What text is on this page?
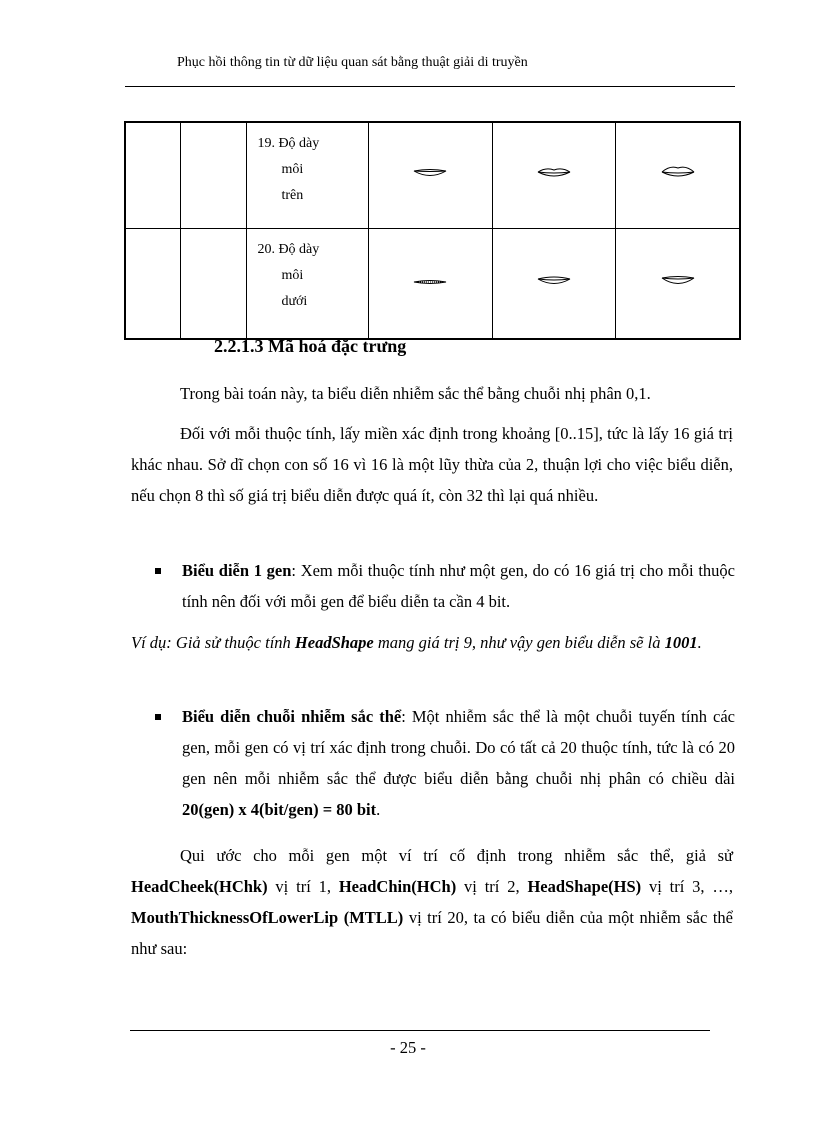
Phục hồi thông tin từ dữ liệu quan sát bằng thuật giải di truyền

		19. Độ dày
môi
trên

		20. Độ dày
môi
dưới

2.2.1.3 Mã hoá đặc trưng
Trong bài toán này, ta biểu diễn nhiễm sắc thể bằng chuỗi nhị phân 0,1.
Đối với mỗi thuộc tính, lấy miền xác định trong khoảng [0..15], tức là lấy 16 giá trị khác nhau. Sở dĩ chọn con số 16 vì 16 là một lũy thừa của 2, thuận lợi cho việc biểu diễn, nếu chọn 8 thì số giá trị biểu diễn được quá ít, còn 32 thì lại quá nhiều.
Biểu diễn 1 gen: Xem mỗi thuộc tính như một gen, do có 16 giá trị cho mỗi thuộc tính nên đối với mỗi gen để biểu diễn ta cần 4 bit.
Ví dụ: Giả sử thuộc tính HeadShape mang giá trị 9, như vậy gen biểu diễn sẽ là 1001.
Biểu diễn chuỗi nhiễm sắc thể: Một nhiễm sắc thể là một chuỗi tuyến tính các gen, mỗi gen có vị trí xác định trong chuỗi. Do có tất cả 20 thuộc tính, tức là có 20 gen nên mỗi nhiễm sắc thể được biểu diễn bằng chuỗi nhị phân có chiều dài 20(gen) x 4(bit/gen) = 80 bit.
Qui ước cho mỗi gen một ví trí cố định trong nhiễm sắc thể, giả sử HeadCheek(HChk) vị trí 1, HeadChin(HCh) vị trí 2, HeadShape(HS) vị trí 3, …, MouthThicknessOfLowerLip (MTLL) vị trí 20, ta có biểu diễn của một nhiễm sắc thể như sau:
- 25 -
